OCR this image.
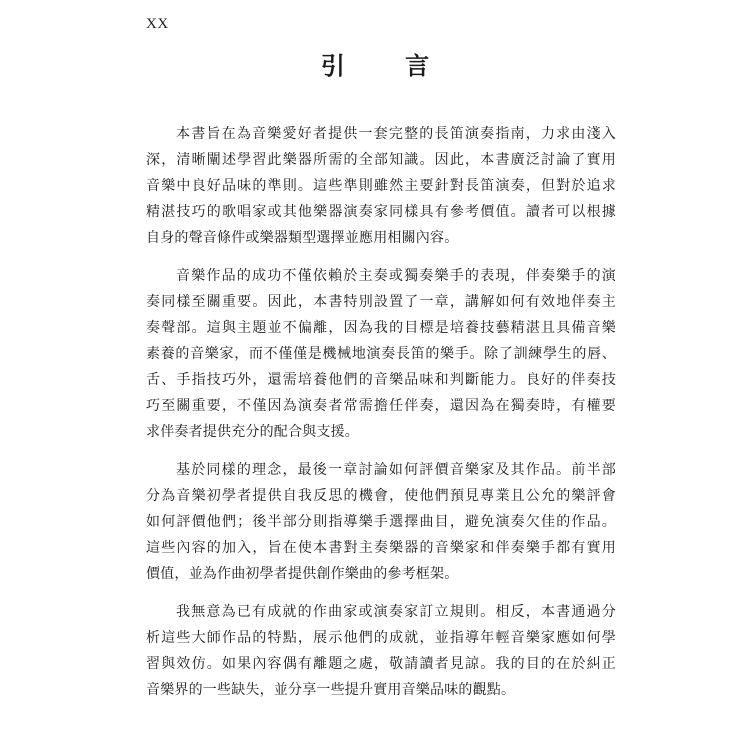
XX
引 言
本書旨在為音樂愛好者提供一套完整的長笛演奏指南，力求由淺入
深，清晰闡述學習此樂器所需的全部知識。因此，本書廣泛討論了實用
音樂中良好品味的準則。這些準則雖然主要針對長笛演奏，但對於追求
精湛技巧的歌唱家或其他樂器演奏家同樣具有參考價值。讀者可以根據
自身的聲音條件或樂器類型選擇並應用相關內容。
音樂作品的成功不僅依賴於主奏或獨奏樂手的表現，伴奏樂手的演
奏同樣至關重要。因此，本書特別設置了一章，講解如何有效地伴奏主
奏聲部。這與主題並不偏離，因為我的目標是培養技藝精湛且具備音樂
素養的音樂家，而不僅僅是機械地演奏長笛的樂手。除了訓練學生的唇、
舌、手指技巧外，還需培養他們的音樂品味和判斷能力。良好的伴奏技
巧至關重要，不僅因為演奏者常需擔任伴奏，還因為在獨奏時，有權要
求伴奏者提供充分的配合與支援。
基於同樣的理念，最後一章討論如何評價音樂家及其作品。前半部
分為音樂初學者提供自我反思的機會，使他們預見專業且公允的樂評會
如何評價他們；後半部分則指導樂手選擇曲目，避免演奏欠佳的作品。
這些內容的加入，旨在使本書對主奏樂器的音樂家和伴奏樂手都有實用
價值，並為作曲初學者提供創作樂曲的參考框架。
我無意為已有成就的作曲家或演奏家訂立規則。相反，本書通過分
析這些大師作品的特點，展示他們的成就，並指導年輕音樂家應如何學
習與效仿。如果內容偶有離題之處，敬請讀者見諒。我的目的在於糾正
音樂界的一些缺失，並分享一些提升實用音樂品味的觀點。
